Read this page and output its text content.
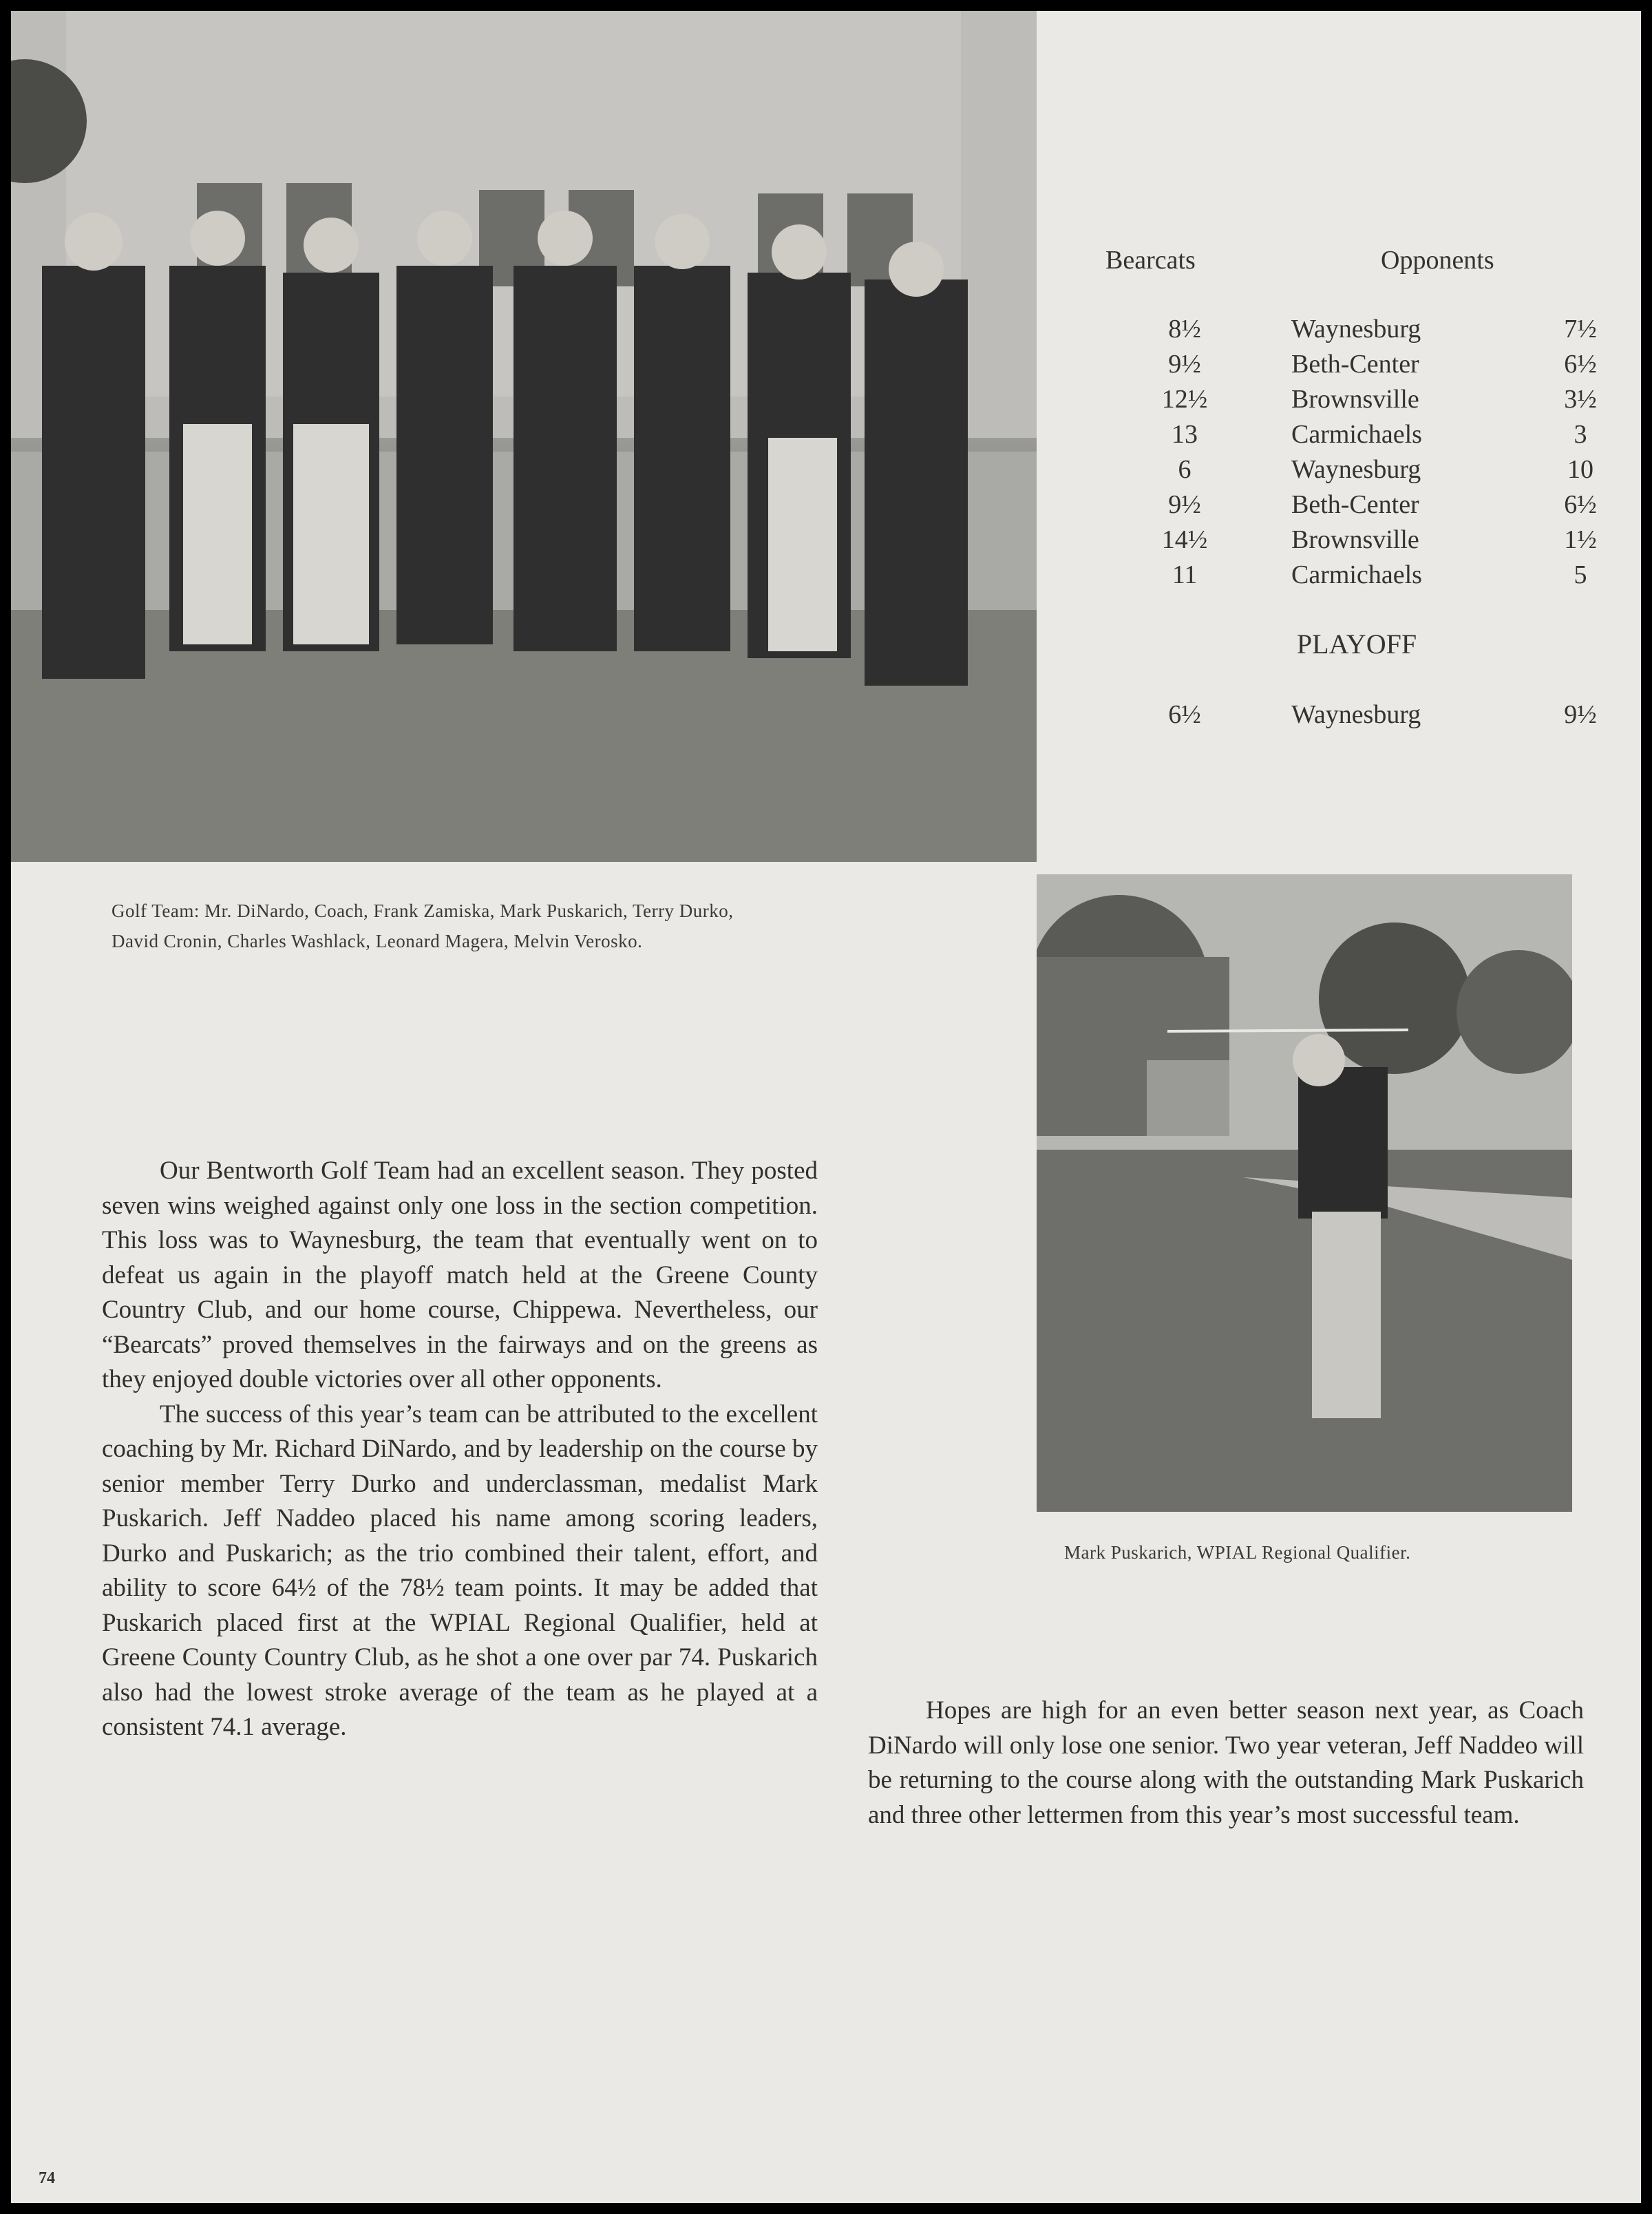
Bearcats	Opponents
8½	Waynesburg	7½
9½	Beth-Center	6½
12½	Brownsville	3½
13	Carmichaels	3
6	Waynesburg	10
9½	Beth-Center	6½
14½	Brownsville	1½
11	Carmichaels	5
PLAYOFF
6½	Waynesburg	9½
Golf Team: Mr. DiNardo, Coach, Frank Zamiska, Mark Puskarich, Terry Durko,
David Cronin, Charles Washlack, Leonard Magera, Melvin Verosko.
Mark Puskarich, WPIAL Regional Qualifier.

Our Bentworth Golf Team had an excellent season. They posted seven wins weighed against only one loss in the section competition. This loss was to Waynesburg, the team that eventually went on to defeat us again in the playoff match held at the Greene County Country Club, and our home course, Chippewa. Nevertheless, our “Bearcats” proved themselves in the fairways and on the greens as they enjoyed double victories over all other opponents.

The success of this year’s team can be attributed to the excellent coaching by Mr. Richard DiNardo, and by leadership on the course by senior member Terry Durko and underclassman, medalist Mark Puskarich. Jeff Naddeo placed his name among scoring leaders, Durko and Puskarich; as the trio combined their talent, effort, and ability to score 64½ of the 78½ team points. It may be added that Puskarich placed first at the WPIAL Regional Qualifier, held at Greene County Country Club, as he shot a one over par 74. Puskarich also had the lowest stroke average of the team as he played at a consistent 74.1 average.

Hopes are high for an even better season next year, as Coach DiNardo will only lose one senior. Two year veteran, Jeff Naddeo will be returning to the course along with the outstanding Mark Puskarich and three other lettermen from this year’s most successful team.

74
